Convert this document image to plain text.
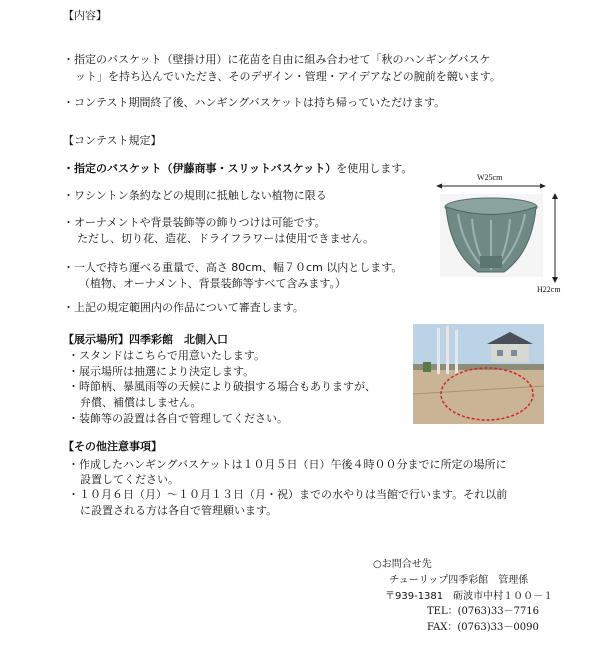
【内容】
・指定のバスケット（壁掛け用）に花苗を自由に組み合わせて「秋のハンギングバスケ
ット」を持ち込んでいただき、そのデザイン・管理・アイデアなどの腕前を競います。
・コンテスト期間終了後、ハンギングバスケットは持ち帰っていただけます。
【コンテスト規定】
・指定のバスケット（伊藤商事・スリットバスケット）を使用します。
・ワシントン条約などの規則に抵触しない植物に限る
・オーナメントや背景装飾等の飾りつけは可能です。
ただし、切り花、造花、ドライフラワーは使用できません。
・一人で持ち運べる重量で、高さ 80cm、幅７０cm 以内とします。
（植物、オーナメント、背景装飾等すべて含みます。）
・上記の規定範囲内の作品について審査します。
W25cm
H22cm
【展示場所】四季彩館　北側入口
・スタンドはこちらで用意いたします。
・展示場所は抽選により決定します。
・時節柄、暴風雨等の天候により破損する場合もありますが、
弁償、補償はしません。
・装飾等の設置は各自で管理してください。
【その他注意事項】
・作成したハンギングバスケットは１０月５日（日）午後４時００分までに所定の場所に
設置してください。
・１０月６日（月）～１０月１３日（月・祝）までの水やりは当館で行います。それ以前
に設置される方は各自で管理願います。
○お問合せ先
チューリップ四季彩館　管理係
〒939-1381　砺波市中村１００－１
TEL：(0763)33－7716
FAX：(0763)33－0090
